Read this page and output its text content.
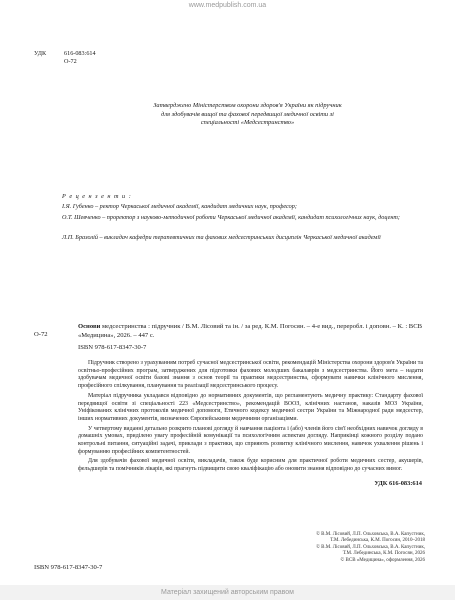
www.medpublish.com.ua
УДК	616-083:614
О-72
Затверджено Міністерством охорони здоров'я України як підручник для здобувачів вищої та фахової передвищої медичної освіти зі спеціальності «Медсестринство»
Р е ц е н з е н т и :
І.Я. Губенко – ректор Черкаської медичної академії, кандидат медичних наук, професор;
О.Т. Шевченко – проректор з науково-методичної роботи Черкаської медичної академії, кандидат психологічних наук, доцент;
Л.П. Бразолій – викладач кафедри терапевтичних та фахових медсестринських дисциплін Черкаської медичної академії
Основи медсестринства : підручник / В.М. Лісовий та ін. / за ред. К.М. Погосян. – 4-е вид., переробл. і доповн. – К. : ВСВ «Медицина», 2026. – 447 с.
О-72
ISBN 978-617-8347-30-7

Підручник створено з урахуванням потреб сучасної медсестринської освіти, рекомендацій Міністерства охорони здоров'я України та освітньо-професійних програм, затверджених для підготовки фахових молодших бакалаврів з медсестринства. Його мета – надати здобувачам медичної освіти базові знання з основ теорії та практики медсестринства, сформувати навички клінічного мислення, професійного спілкування, планування та реалізації медсестринського процесу.

Матеріал підручника укладався відповідно до нормативних документів, що регламентують медичну практику: Стандарту фахової передвищої освіти зі спеціальності 223 «Медсестринство», рекомендацій ВООЗ, клінічних настанов, наказів МОЗ України, Уніфікованих клінічних протоколів медичної допомоги, Етичного кодексу медичної сестри України та Міжнародної ради медсестер, інших нормативних документів, визначених Європейськими медичними організаціями.

У четвертому виданні детально розкрито планові догляду й навчання пацієнта і (або) членів його сім'ї необхідних навичок догляду в домашніх умовах, приділено увагу професійній комунікації та психологічним аспектам догляду. Наприкінці кожного розділу подано контрольні питання, ситуаційні задачі, приклади з практики, що сприяють розвитку клінічного мислення, навичок ухвалення рішень і формуванню професійних компетентностей.

Для здобувачів фахової медичної освіти, викладачів, також буде корисним для практичної роботи медичних сестер, акушерів, фельдшерів та помічників лікарів, які прагнуть підвищити свою кваліфікацію або оновити знання відповідно до сучасних вимог.

УДК 616-083:614
© В.М. Лісовий, Л.П. Ольховська, В.А. Капустник,
Т.М. Лебединська, К.М. Погосян, 2010–2018
© В.М. Лісовий, Л.П. Ольховська, В.А. Капустник,
Т.М. Лебединська, К.М. Погосян, 2026
© ВСВ «Медицина», оформлення, 2026
ISBN 978-617-8347-30-7
Матеріал захищений авторським правом
